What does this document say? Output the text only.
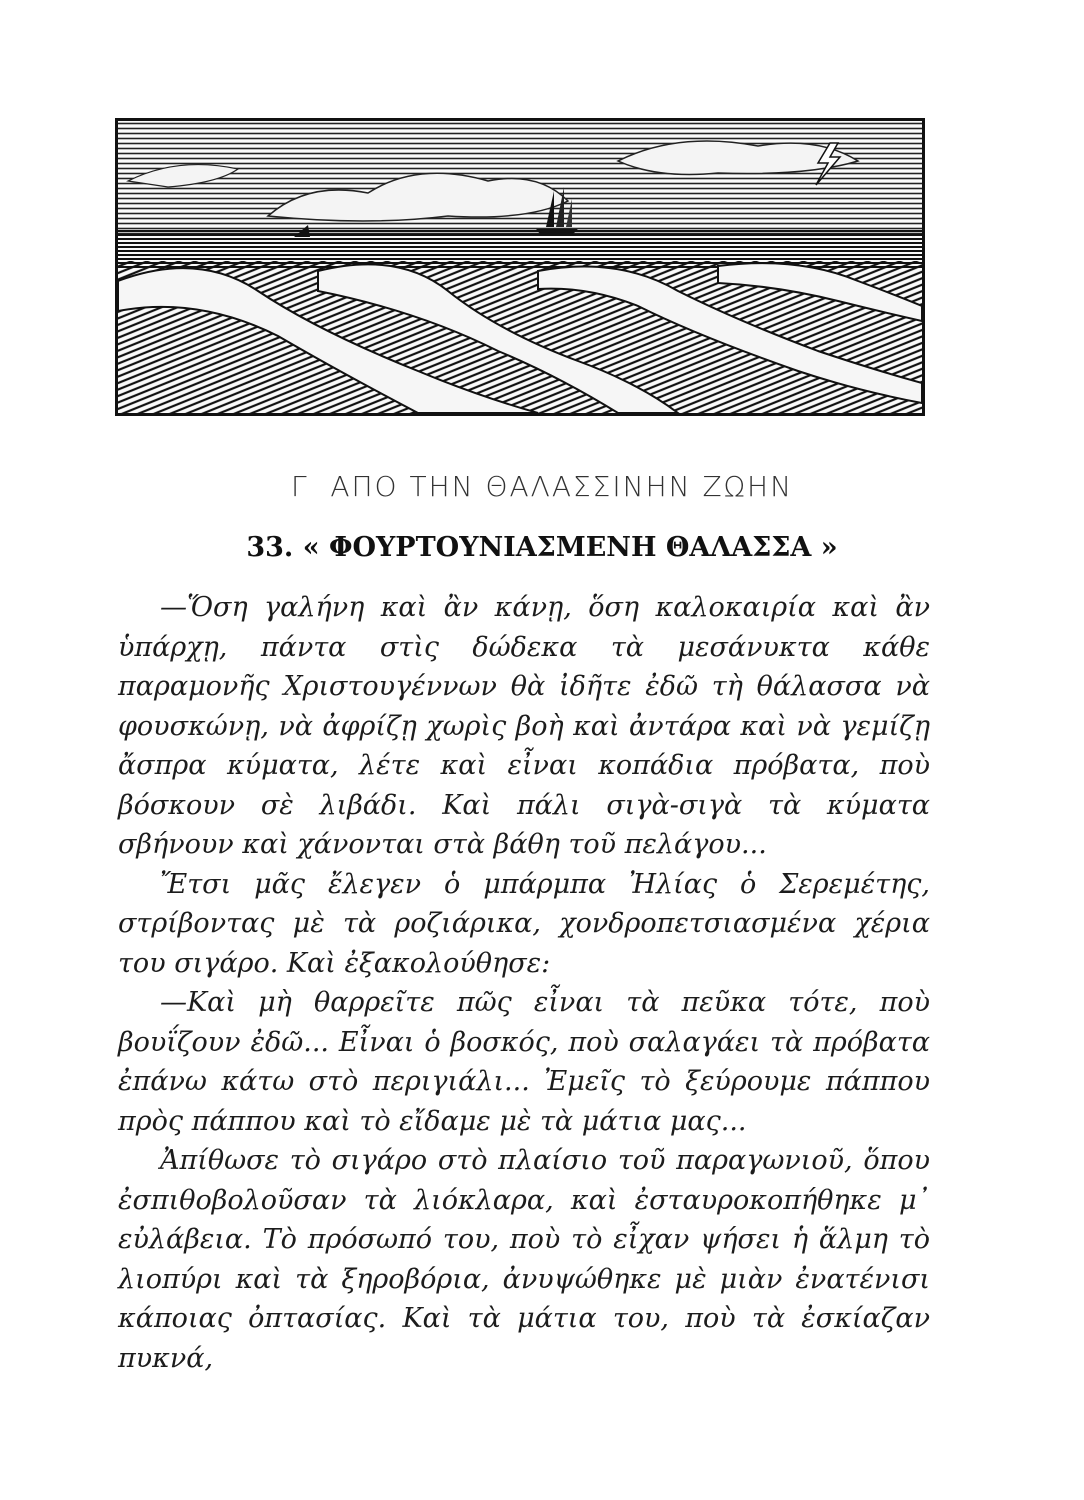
Γ  ΑΠΟ ΤΗΝ ΘΑΛΑΣΣΙΝΗΝ ΖΩΗΝ
33. « ΦΟΥΡΤΟΥΝΙΑΣΜΕΝΗ ΘΑΛΑΣΣΑ »

—Ὅση γαλήνη καὶ ἂν κάνῃ, ὅση καλοκαιρία καὶ ἂν ὑπάρχῃ, πάντα στὶς δώδεκα τὰ μεσάνυκτα κάθε παραμονῆς Χριστουγέννων θὰ ἰδῆτε ἐδῶ τὴ θάλασσα νὰ φουσκώνῃ, νὰ ἀφρίζῃ χωρὶς βοὴ καὶ ἀντάρα καὶ νὰ γεμίζῃ ἄσπρα κύματα, λέτε καὶ εἶναι κοπάδια πρόβατα, ποὺ βόσκουν σὲ λιβάδι. Καὶ πάλι σιγὰ-σιγὰ τὰ κύματα σβήνουν καὶ χάνονται στὰ βάθη τοῦ πελάγου...

Ἔτσι μᾶς ἔλεγεν ὁ μπάρμπα Ἠλίας ὁ Σερεμέτης, στρίβοντας μὲ τὰ ροζιάρικα, χονδροπετσιασμένα χέρια του σιγάρο. Καὶ ἐξακολούθησε:

—Καὶ μὴ θαρρεῖτε πῶς εἶναι τὰ πεῦκα τότε, ποὺ βουΐζουν ἐδῶ... Εἶναι ὁ βοσκός, ποὺ σαλαγάει τὰ πρόβατα ἐπάνω κάτω στὸ περιγιάλι... Ἐμεῖς τὸ ξεύρουμε πάππου πρὸς πάππου καὶ τὸ εἴδαμε μὲ τὰ μάτια μας...

Ἀπίθωσε τὸ σιγάρο στὸ πλαίσιο τοῦ παραγωνιοῦ, ὅπου ἐσπιθοβολοῦσαν τὰ λιόκλαρα, καὶ ἐσταυροκοπήθηκε μ᾿ εὐλάβεια. Τὸ πρόσωπό του, ποὺ τὸ εἶχαν ψήσει ἡ ἅλμη τὸ λιοπύρι καὶ τὰ ξηροβόρια, ἀνυψώθηκε μὲ μιὰν ἐνατένισι κάποιας ὀπτασίας. Καὶ τὰ μάτια του, ποὺ τὰ ἐσκίαζαν πυκνά,
